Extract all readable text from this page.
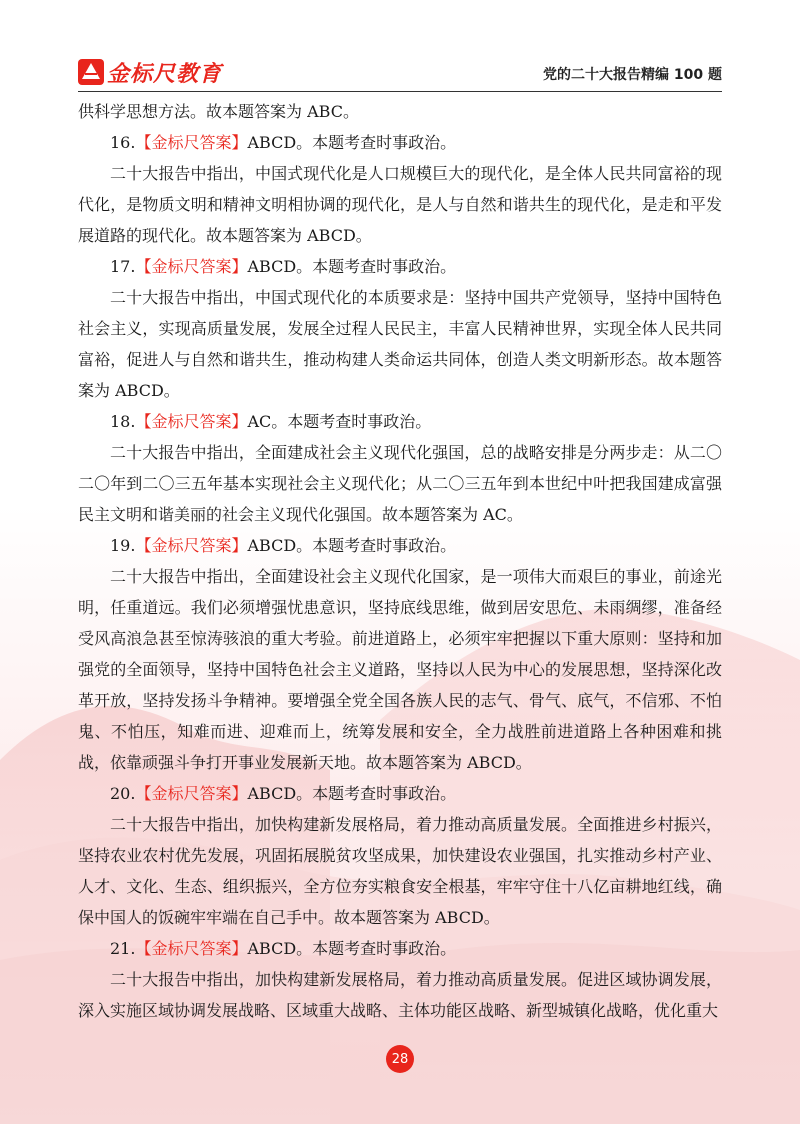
金标尺教育	党的二十大报告精编 100 题

供科学思想方法。故本题答案为 ABC。

16.【金标尺答案】ABCD。本题考查时事政治。

二十大报告中指出，中国式现代化是人口规模巨大的现代化，是全体人民共同富裕的现代化，是物质文明和精神文明相协调的现代化，是人与自然和谐共生的现代化，是走和平发展道路的现代化。故本题答案为 ABCD。

17.【金标尺答案】ABCD。本题考查时事政治。

二十大报告中指出，中国式现代化的本质要求是：坚持中国共产党领导，坚持中国特色社会主义，实现高质量发展，发展全过程人民民主，丰富人民精神世界，实现全体人民共同富裕，促进人与自然和谐共生，推动构建人类命运共同体，创造人类文明新形态。故本题答案为 ABCD。

18.【金标尺答案】AC。本题考查时事政治。

二十大报告中指出，全面建成社会主义现代化强国，总的战略安排是分两步走：从二〇二〇年到二〇三五年基本实现社会主义现代化；从二〇三五年到本世纪中叶把我国建成富强民主文明和谐美丽的社会主义现代化强国。故本题答案为 AC。

19.【金标尺答案】ABCD。本题考查时事政治。

二十大报告中指出，全面建设社会主义现代化国家，是一项伟大而艰巨的事业，前途光明，任重道远。我们必须增强忧患意识，坚持底线思维，做到居安思危、未雨绸缪，准备经受风高浪急甚至惊涛骇浪的重大考验。前进道路上，必须牢牢把握以下重大原则：坚持和加强党的全面领导，坚持中国特色社会主义道路，坚持以人民为中心的发展思想，坚持深化改革开放，坚持发扬斗争精神。要增强全党全国各族人民的志气、骨气、底气，不信邪、不怕鬼、不怕压，知难而进、迎难而上，统筹发展和安全，全力战胜前进道路上各种困难和挑战，依靠顽强斗争打开事业发展新天地。故本题答案为 ABCD。

20.【金标尺答案】ABCD。本题考查时事政治。

二十大报告中指出，加快构建新发展格局，着力推动高质量发展。全面推进乡村振兴，坚持农业农村优先发展，巩固拓展脱贫攻坚成果，加快建设农业强国，扎实推动乡村产业、人才、文化、生态、组织振兴，全方位夯实粮食安全根基，牢牢守住十八亿亩耕地红线，确保中国人的饭碗牢牢端在自己手中。故本题答案为 ABCD。

21.【金标尺答案】ABCD。本题考查时事政治。

二十大报告中指出，加快构建新发展格局，着力推动高质量发展。促进区域协调发展，深入实施区域协调发展战略、区域重大战略、主体功能区战略、新型城镇化战略，优化重大

28
